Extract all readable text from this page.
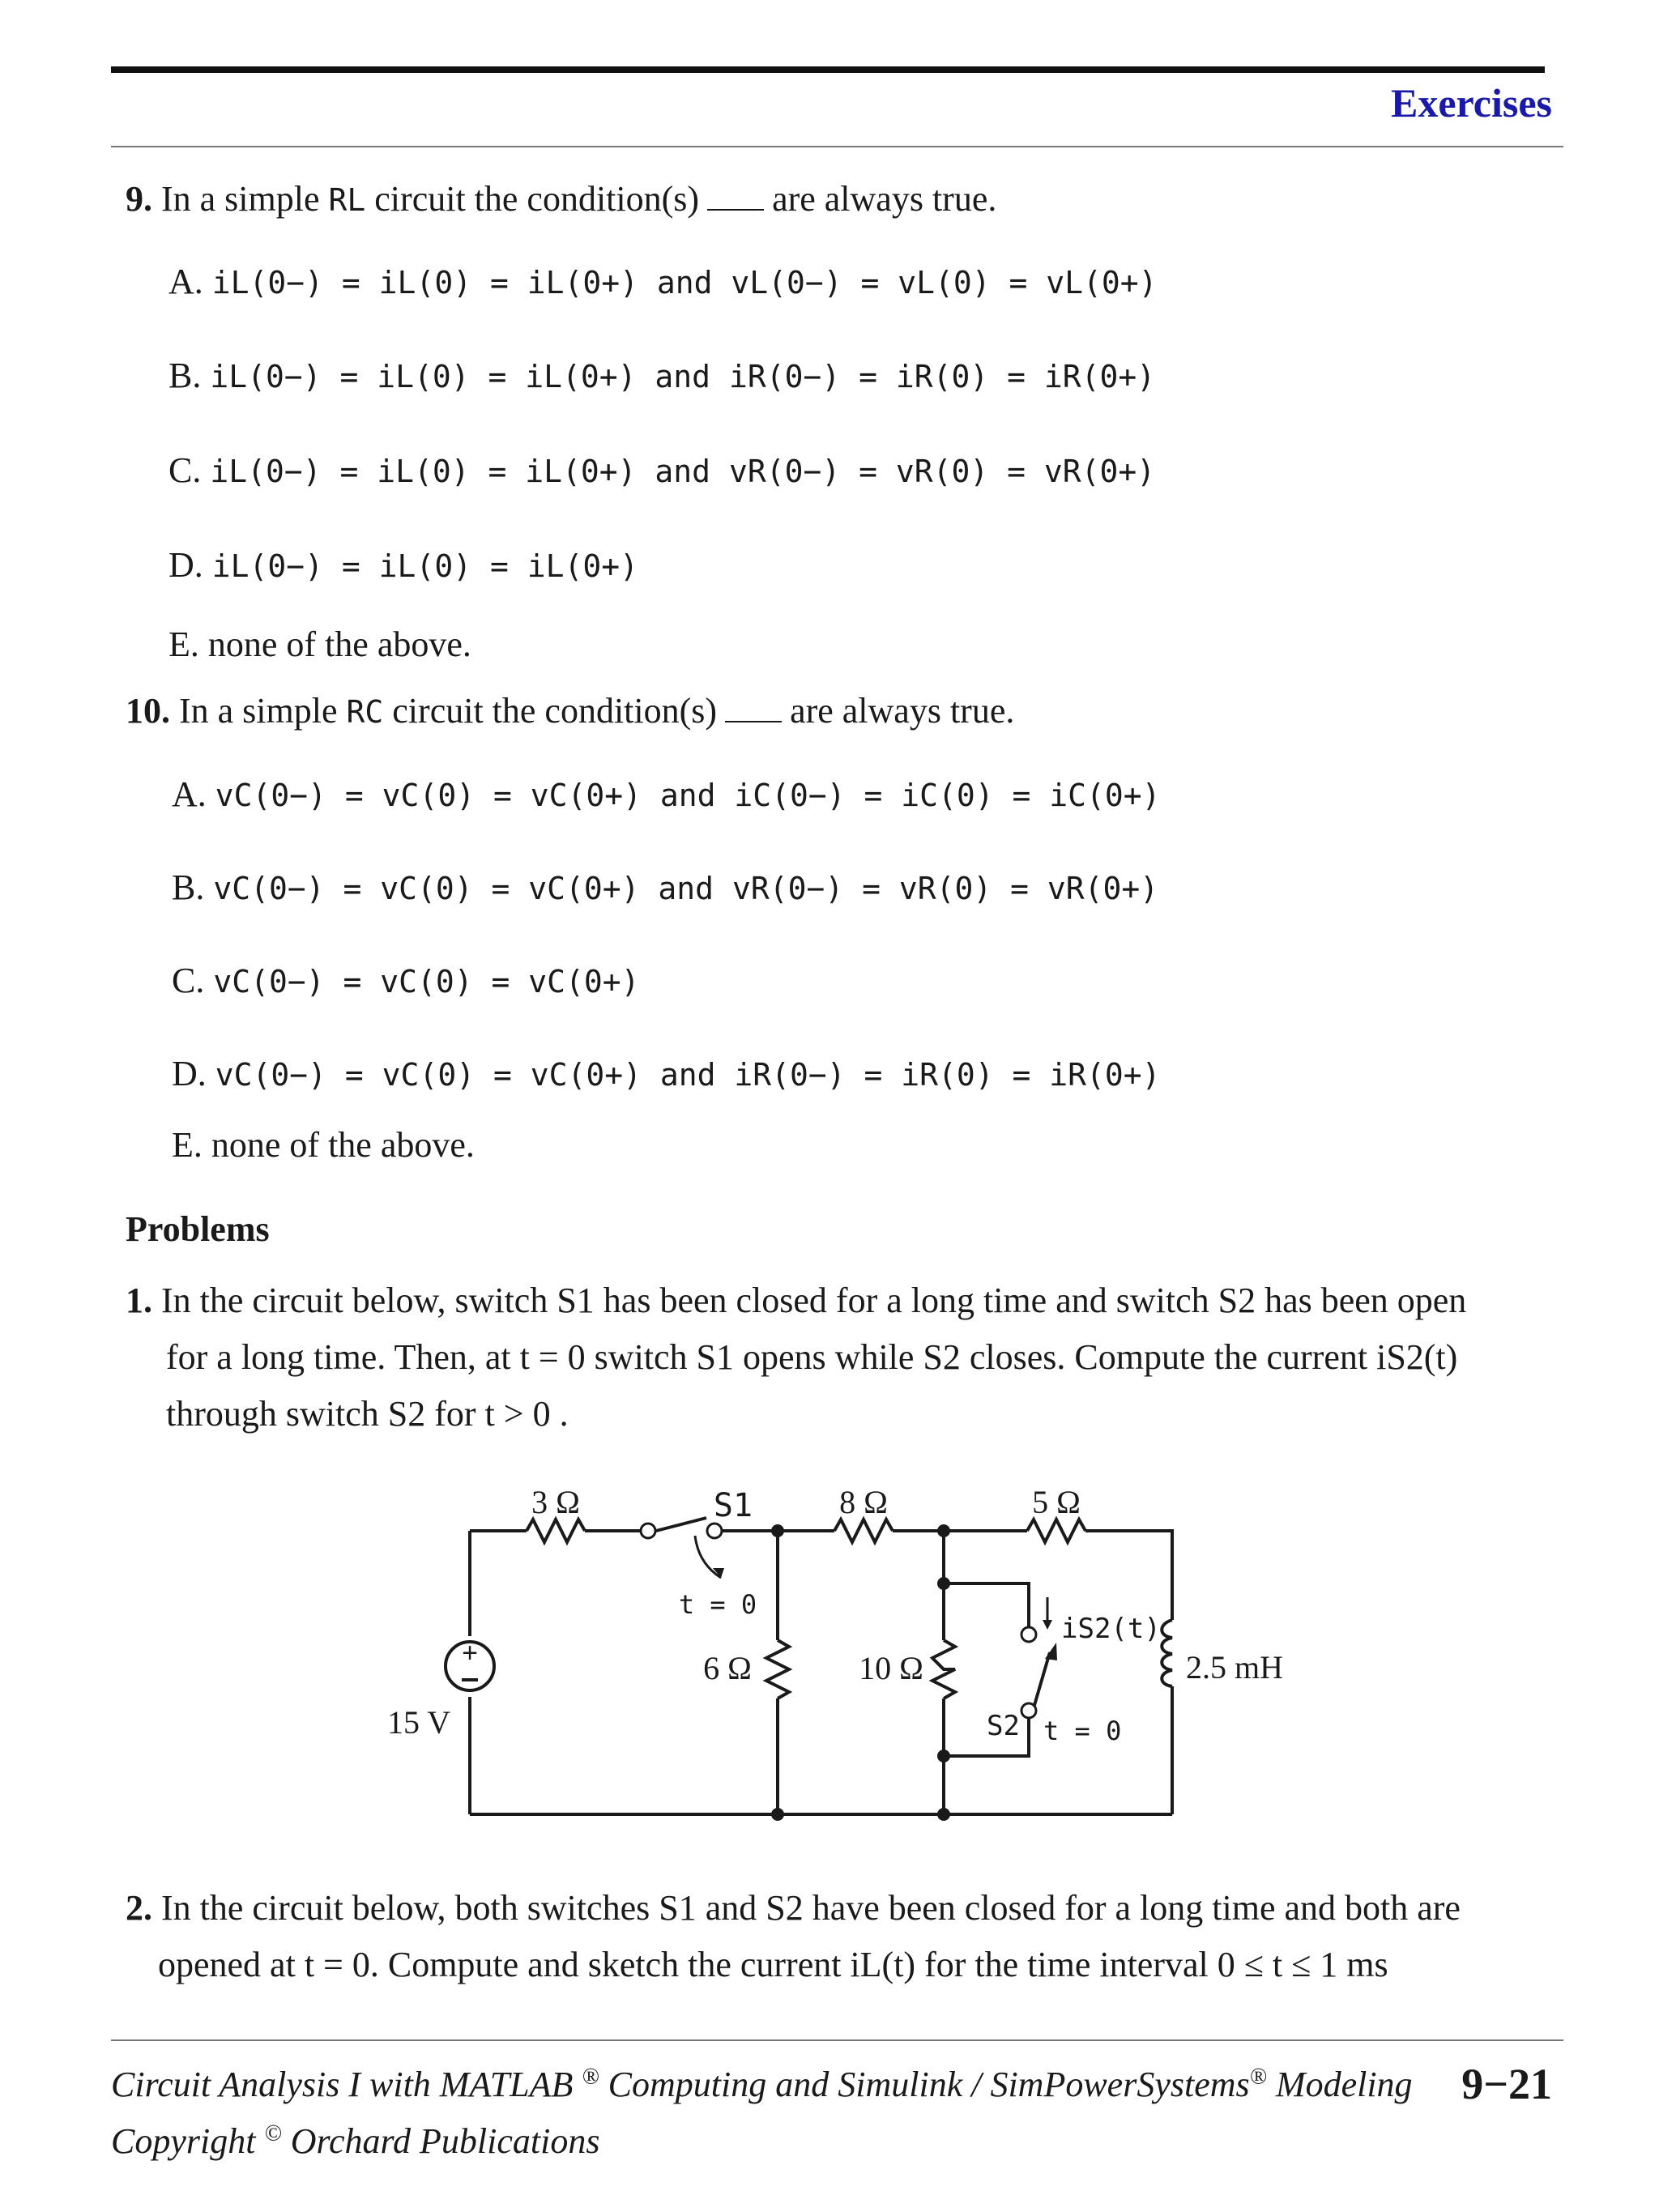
Exercises
9. In a simple RL circuit the condition(s) are always true.
A. iL(0−) = iL(0) = iL(0+) and vL(0−) = vL(0) = vL(0+)
B. iL(0−) = iL(0) = iL(0+) and iR(0−) = iR(0) = iR(0+)
C. iL(0−) = iL(0) = iL(0+) and vR(0−) = vR(0) = vR(0+)
D. iL(0−) = iL(0) = iL(0+)
E. none of the above.
10. In a simple RC circuit the condition(s) are always true.
A. vC(0−) = vC(0) = vC(0+) and iC(0−) = iC(0) = iC(0+)
B. vC(0−) = vC(0) = vC(0+) and vR(0−) = vR(0) = vR(0+)
C. vC(0−) = vC(0) = vC(0+)
D. vC(0−) = vC(0) = vC(0+) and iR(0−) = iR(0) = iR(0+)
E. none of the above.
Problems
1. In the circuit below, switch S1 has been closed for a long time and switch S2 has been open
for a long time. Then, at t = 0 switch S1 opens while S2 closes. Compute the current iS2(t)
through switch S2 for t > 0 .
+
3 Ω	S1	8 Ω	5 Ω
t = 0
6 Ω	10 Ω
iS2(t)
2.5 mH
S2 t = 0
15 V
2. In the circuit below, both switches S1 and S2 have been closed for a long time and both are
opened at t = 0. Compute and sketch the current iL(t) for the time interval 0 ≤ t ≤ 1 ms
Circuit Analysis I with MATLAB ® Computing and Simulink / SimPowerSystems® Modeling 9−21
Copyright © Orchard Publications
